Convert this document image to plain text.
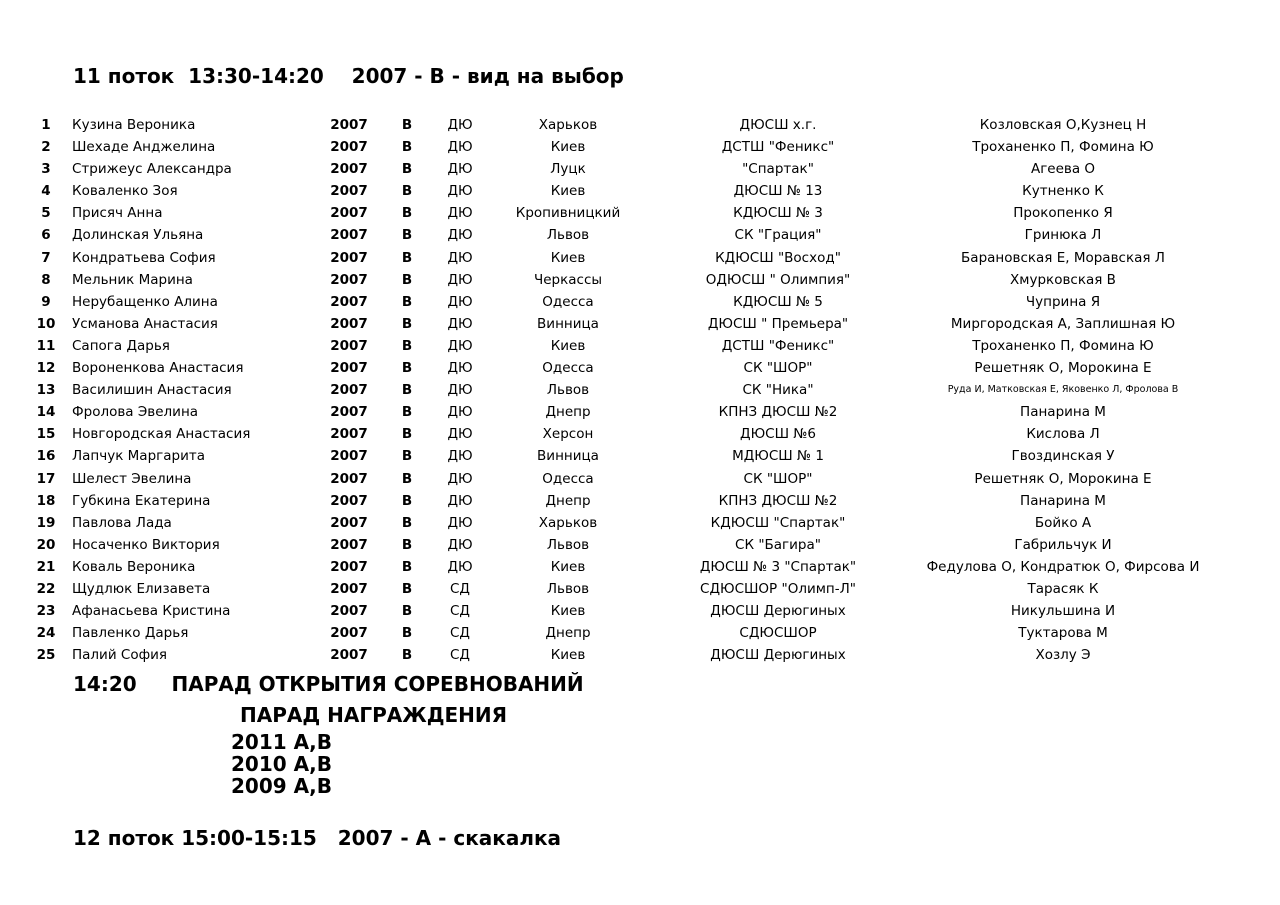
11 поток  13:30-14:20    2007 - В - вид на выбор
1	Кузина Вероника	2007	В	ДЮ	Харьков	ДЮСШ х.г.	Козловская О,Кузнец Н
2	Шехаде Анджелина	2007	В	ДЮ	Киев	ДСТШ "Феникс"	Троханенко П, Фомина Ю
3	Стрижеус Александра	2007	В	ДЮ	Луцк	"Спартак"	Агеева О
4	Коваленко Зоя	2007	В	ДЮ	Киев	ДЮСШ № 13	Кутненко К
5	Присяч Анна	2007	В	ДЮ	Кропивницкий	КДЮСШ № 3	Прокопенко Я
6	Долинская Ульяна	2007	В	ДЮ	Львов	СК "Грация"	Гринюка Л
7	Кондратьева София	2007	В	ДЮ	Киев	КДЮСШ "Восход"	Барановская Е, Моравская Л
8	Мельник Марина	2007	В	ДЮ	Черкассы	ОДЮСШ " Олимпия"	Хмурковская В
9	Нерубащенко Алина	2007	В	ДЮ	Одесса	КДЮСШ № 5	Чуприна Я
10	Усманова Анастасия	2007	В	ДЮ	Винница	ДЮСШ " Премьера"	Миргородская А, Заплишная Ю
11	Сапога Дарья	2007	В	ДЮ	Киев	ДСТШ "Феникс"	Троханенко П, Фомина Ю
12	Вороненкова Анастасия	2007	В	ДЮ	Одесса	СК "ШОР"	Решетняк О, Морокина Е
13	Василишин Анастасия	2007	В	ДЮ	Львов	СК "Ника"	Руда И, Матковская Е, Яковенко Л, Фролова В
14	Фролова Эвелина	2007	В	ДЮ	Днепр	КПНЗ ДЮСШ №2	Панарина М
15	Новгородская Анастасия	2007	В	ДЮ	Херсон	ДЮСШ №6	Кислова Л
16	Лапчук Маргарита	2007	В	ДЮ	Винница	МДЮСШ № 1	Гвоздинская У
17	Шелест Эвелина	2007	В	ДЮ	Одесса	СК "ШОР"	Решетняк О, Морокина Е
18	Губкина Екатерина	2007	В	ДЮ	Днепр	КПНЗ ДЮСШ №2	Панарина М
19	Павлова Лада	2007	В	ДЮ	Харьков	КДЮСШ "Спартак"	Бойко А
20	Носаченко Виктория	2007	В	ДЮ	Львов	СК "Багира"	Габрильчук И
21	Коваль Вероника	2007	В	ДЮ	Киев	ДЮСШ № 3 "Спартак"	Федулова О, Кондратюк О, Фирсова И
22	Щудлюк Елизавета	2007	В	СД	Львов	СДЮСШОР "Олимп-Л"	Тарасяк К
23	Афанасьева Кристина	2007	В	СД	Киев	ДЮСШ Дерюгиных	Никульшина И
24	Павленко Дарья	2007	В	СД	Днепр	СДЮСШОР	Туктарова М
25	Палий София	2007	В	СД	Киев	ДЮСШ Дерюгиных	Хозлу Э
14:20     ПАРАД ОТКРЫТИЯ СОРЕВНОВАНИЙ
ПАРАД НАГРАЖДЕНИЯ
2011 А,В
2010 А,В
2009 А,В
12 поток 15:00-15:15   2007 - А - скакалка
